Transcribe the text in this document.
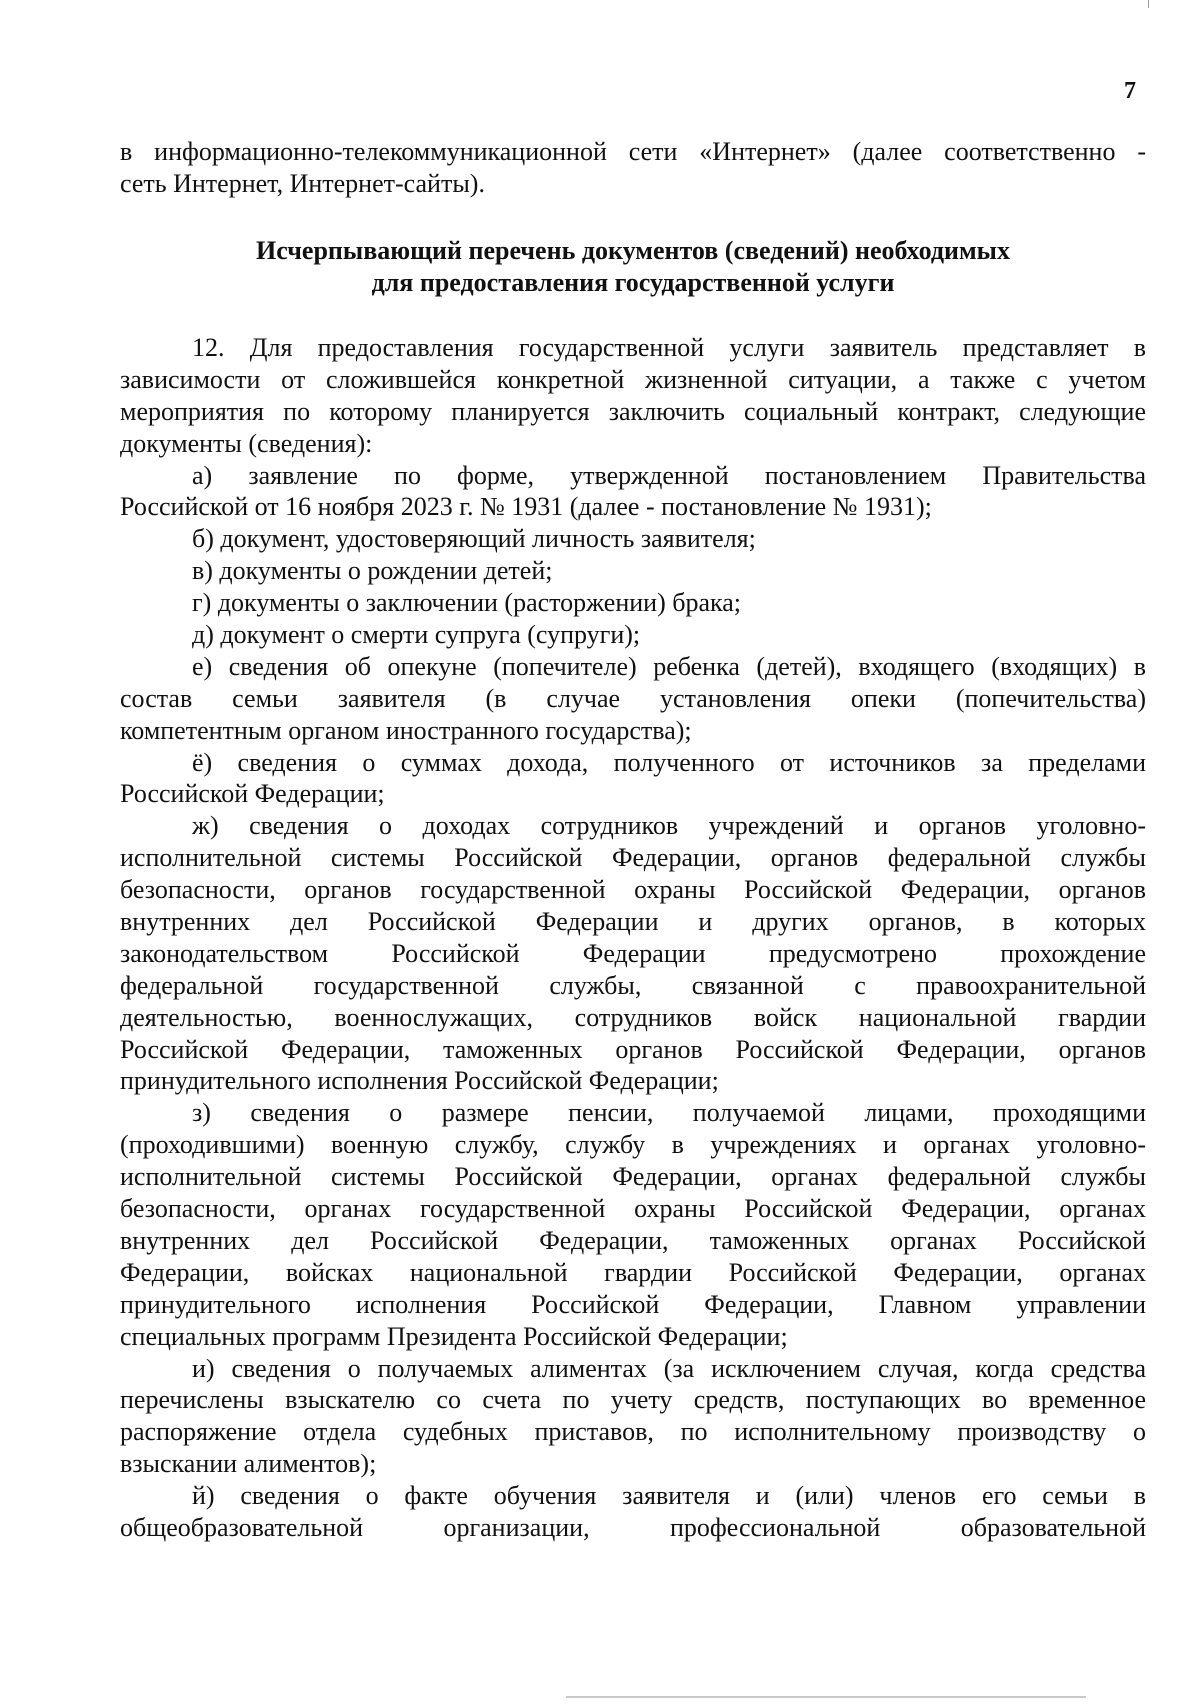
7
в информационно-телекоммуникационной сети «Интернет» (далее соответственно -
сеть Интернет, Интернет-сайты).
Исчерпывающий перечень документов (сведений) необходимых
для предоставления государственной услуги
12. Для предоставления государственной услуги заявитель представляет в
зависимости от сложившейся конкретной жизненной ситуации, а также с учетом
мероприятия по которому планируется заключить социальный контракт, следующие
документы (сведения):
а) заявление по форме, утвержденной постановлением Правительства
Российской от 16 ноября 2023 г. № 1931 (далее - постановление № 1931);
б) документ, удостоверяющий личность заявителя;
в) документы о рождении детей;
г) документы о заключении (расторжении) брака;
д) документ о смерти супруга (супруги);
е) сведения об опекуне (попечителе) ребенка (детей), входящего (входящих) в
состав семьи заявителя (в случае установления опеки (попечительства)
компетентным органом иностранного государства);
ё) сведения о суммах дохода, полученного от источников за пределами
Российской Федерации;
ж) сведения о доходах сотрудников учреждений и органов уголовно-
исполнительной системы Российской Федерации, органов федеральной службы
безопасности, органов государственной охраны Российской Федерации, органов
внутренних дел Российской Федерации и других органов, в которых
законодательством Российской Федерации предусмотрено прохождение
федеральной государственной службы, связанной с правоохранительной
деятельностью, военнослужащих, сотрудников войск национальной гвардии
Российской Федерации, таможенных органов Российской Федерации, органов
принудительного исполнения Российской Федерации;
з) сведения о размере пенсии, получаемой лицами, проходящими
(проходившими) военную службу, службу в учреждениях и органах уголовно-
исполнительной системы Российской Федерации, органах федеральной службы
безопасности, органах государственной охраны Российской Федерации, органах
внутренних дел Российской Федерации, таможенных органах Российской
Федерации, войсках национальной гвардии Российской Федерации, органах
принудительного исполнения Российской Федерации, Главном управлении
специальных программ Президента Российской Федерации;
и) сведения о получаемых алиментах (за исключением случая, когда средства
перечислены взыскателю со счета по учету средств, поступающих во временное
распоряжение отдела судебных приставов, по исполнительному производству о
взыскании алиментов);
й) сведения о факте обучения заявителя и (или) членов его семьи в
общеобразовательной организации, профессиональной образовательной
